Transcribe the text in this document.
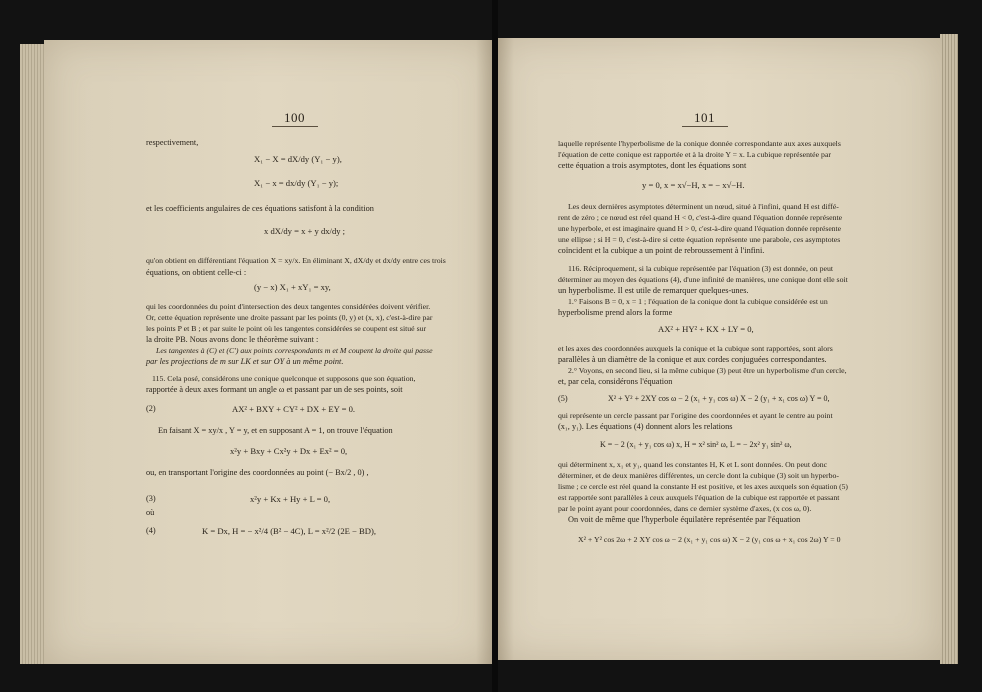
100
respectivement,
X₁ − X = dX/dy (Y₁ − y),
X₁ − x = dx/dy (Y₁ − y);
et les coefficients angulaires de ces équations satisfont à la condition
x dX/dy = x + y dx/dy ;
qu'on obtient en différentiant l'équation X = xy/x. En éliminant X, dX/dy et dx/dy entre ces trois
équations, on obtient celle-ci :
(y − x) X₁ + xY₁ = xy,
qui les coordonnées du point d'intersection des deux tangentes considérées doivent vérifier.
Or, cette équation représente une droite passant par les points (0, y) et (x, x), c'est-à-dire par
les points P et B ; et par suite le point où les tangentes considérées se coupent est situé sur
la droite PB. Nous avons donc le théorème suivant :
Les tangentes à (C) et (C') aux points correspondants m et M coupent la droite qui passe
par les projections de m sur LK et sur OY à un même point.
115. Cela posé, considérons une conique quelconque et supposons que son équation,
rapportée à deux axes formant un angle ω et passant par un de ses points, soit
(2)	AX² + BXY + CY² + DX + EY = 0.
En faisant X = xy/x , Y = y, et en supposant A = 1, on trouve l'équation
x²y + Bxy + Cx²y + Dx + Ex² = 0,
ou, en transportant l'origine des coordonnées au point (− Bx/2 , 0) ,
(3)	x²y + Kx + Hy + L = 0,
où
(4)	K = Dx, H = − x²/4 (B² − 4C), L = x²/2 (2E − BD),
101
laquelle représente l'hyperbolisme de la conique donnée correspondante aux axes auxquels
l'équation de cette conique est rapportée et à la droite Y = x. La cubique représentée par
cette équation a trois asymptotes, dont les équations sont
y = 0, x = x√−H, x = − x√−H.
Les deux dernières asymptotes déterminent un nœud, situé à l'infini, quand H est diffé-
rent de zéro ; ce nœud est réel quand H < 0, c'est-à-dire quand l'équation donnée représente
une hyperbole, et est imaginaire quand H > 0, c'est-à-dire quand l'équation donnée représente
une ellipse ; si H = 0, c'est-à-dire si cette équation représente une parabole, ces asymptotes
coïncident et la cubique a un point de rebroussement à l'infini.
116. Réciproquement, si la cubique représentée par l'équation (3) est donnée, on peut
déterminer au moyen des équations (4), d'une infinité de manières, une conique dont elle soit
un hyperbolisme. Il est utile de remarquer quelques-unes.
1.° Faisons B = 0, x = 1 ; l'équation de la conique dont la cubique considérée est un
hyperbolisme prend alors la forme
AX² + HY² + KX + LY = 0,
et les axes des coordonnées auxquels la conique et la cubique sont rapportées, sont alors
parallèles à un diamètre de la conique et aux cordes conjuguées correspondantes.
2.° Voyons, en second lieu, si la même cubique (3) peut être un hyperbolisme d'un cercle,
et, par cela, considérons l'équation
(5)	X² + Y² + 2XY cos ω − 2 (x₁ + y₁ cos ω) X − 2 (y₁ + x₁ cos ω) Y = 0,
qui représente un cercle passant par l'origine des coordonnées et ayant le centre au point
(x₁, y₁). Les équations (4) donnent alors les relations
K = − 2 (x₁ + y₁ cos ω) x, H = x² sin² ω, L = − 2x² y₁ sin² ω,
qui déterminent x, x₁ et y₁, quand les constantes H, K et L sont données. On peut donc
déterminer, et de deux manières différentes, un cercle dont la cubique (3) soit un hyperbo-
lisme ; ce cercle est réel quand la constante H est positive, et les axes auxquels son équation (5)
est rapportée sont parallèles à ceux auxquels l'équation de la cubique est rapportée et passant
par le point ayant pour coordonnées, dans ce dernier système d'axes, (x cos ω, 0).
On voit de même que l'hyperbole équilatère représentée par l'équation
X² + Y² cos 2ω + 2 XY cos ω − 2 (x₁ + y₁ cos ω) X − 2 (y₁ cos ω + x₁ cos 2ω) Y = 0
